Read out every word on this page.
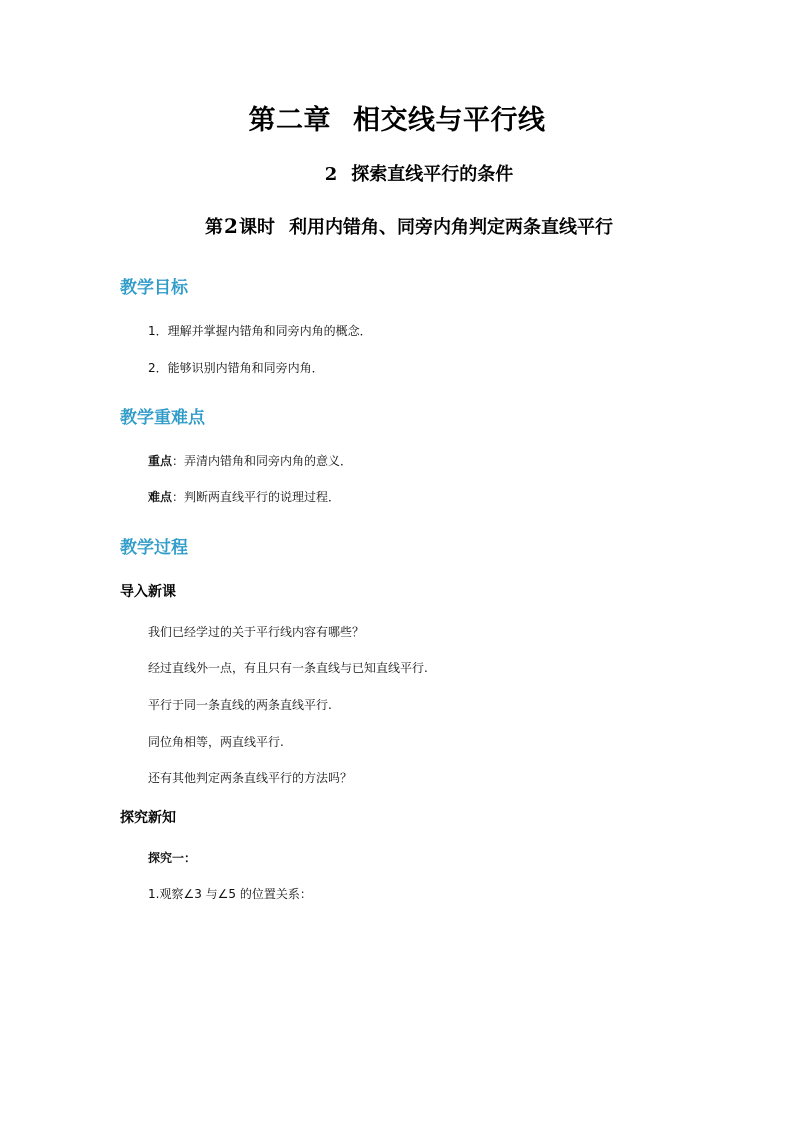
第二章 相交线与平行线
2 探索直线平行的条件
第2课时 利用内错角、同旁内角判定两条直线平行
教学目标
1．理解并掌握内错角和同旁内角的概念．
2．能够识别内错角和同旁内角．
教学重难点
重点：弄清内错角和同旁内角的意义．
难点：判断两直线平行的说理过程．
教学过程
导入新课
我们已经学过的关于平行线内容有哪些？
经过直线外一点，有且只有一条直线与已知直线平行.
平行于同一条直线的两条直线平行.
同位角相等，两直线平行.
还有其他判定两条直线平行的方法吗？
探究新知
探究一：
1.观察∠3 与∠5 的位置关系：
